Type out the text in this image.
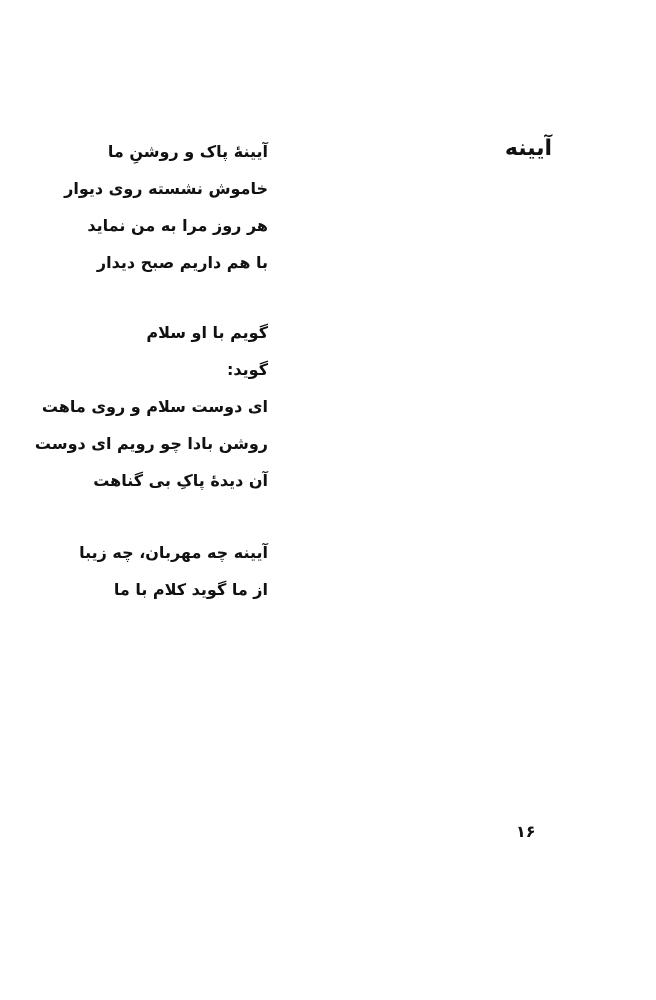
آیینه
آیینهٔ پاک و روشنِ ما
خاموش نشسته روی دیوار
هر روز مرا به من نماید
با هم داریم صبح دیدار
گویم با او سلام
گوید:
ای دوست سلام و روی ماهت
روشن بادا چو رویم ای دوست
آن دیدهٔ پاکِ بی گناهت
آیینه چه مهربان، چه زیبا
از ما گوید کلام با ما
۱۶
